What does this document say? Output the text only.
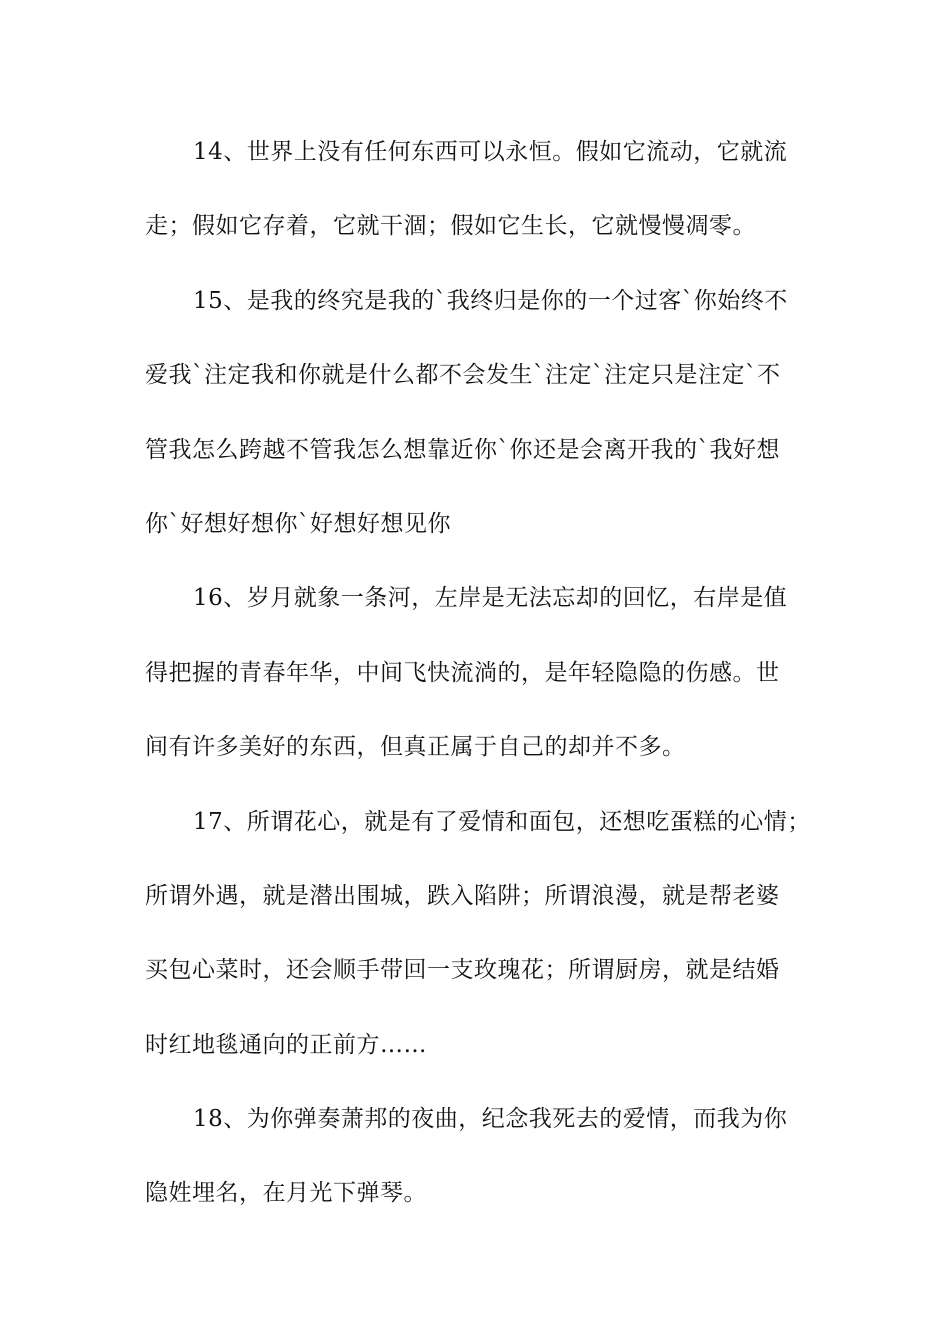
14、世界上没有任何东西可以永恒。假如它流动，它就流
走；假如它存着，它就干涸；假如它生长，它就慢慢凋零。
15、是我的终究是我的`我终归是你的一个过客`你始终不
爱我`注定我和你就是什么都不会发生`注定`注定只是注定`不
管我怎么跨越不管我怎么想靠近你`你还是会离开我的`我好想
你`好想好想你`好想好想见你
16、岁月就象一条河，左岸是无法忘却的回忆，右岸是值
得把握的青春年华，中间飞快流淌的，是年轻隐隐的伤感。世
间有许多美好的东西，但真正属于自己的却并不多。
17、所谓花心，就是有了爱情和面包，还想吃蛋糕的心情；
所谓外遇，就是潜出围城，跌入陷阱；所谓浪漫，就是帮老婆
买包心菜时，还会顺手带回一支玫瑰花；所谓厨房，就是结婚
时红地毯通向的正前方……
18、为你弹奏萧邦的夜曲，纪念我死去的爱情，而我为你
隐姓埋名，在月光下弹琴。
